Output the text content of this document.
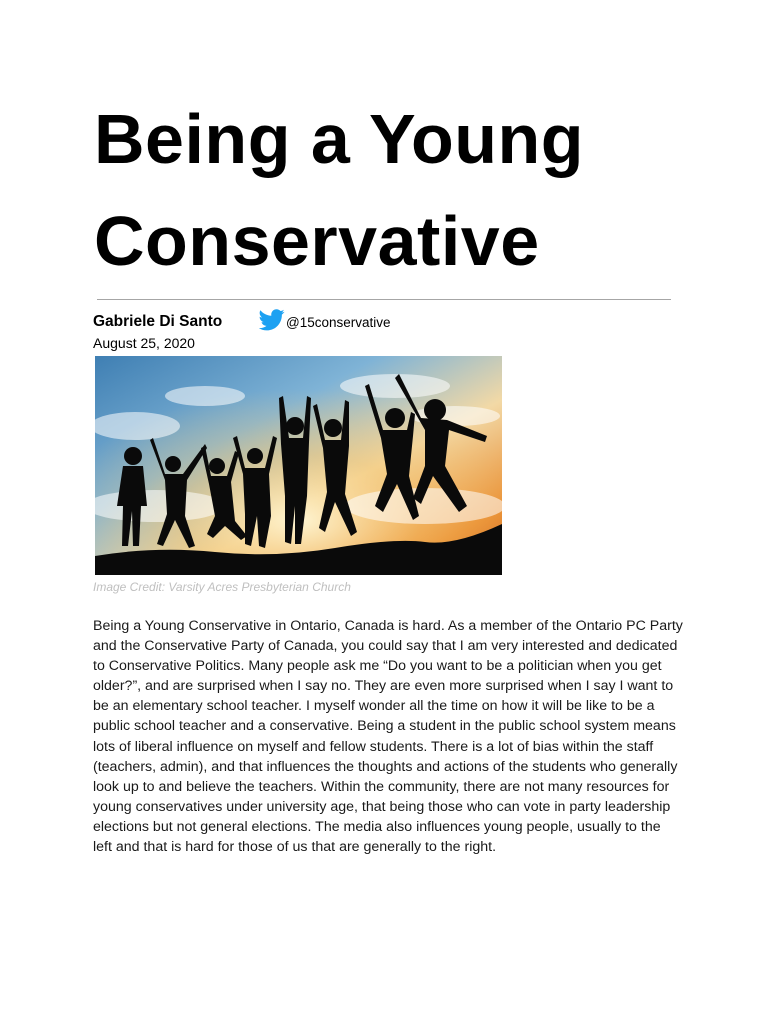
Being a Young
Conservative
Gabriele Di Santo	@15conservative
August 25, 2020
Image Credit: Varsity Acres Presbyterian Church

Being a Young Conservative in Ontario, Canada is hard. As a member of the Ontario PC Party and the Conservative Party of Canada, you could say that I am very interested and dedicated to Conservative Politics. Many people ask me “Do you want to be a politician when you get older?”, and are surprised when I say no. They are even more surprised when I say I want to be an elementary school teacher. I myself wonder all the time on how it will be like to be a public school teacher and a conservative. Being a student in the public school system means lots of liberal influence on myself and fellow students. There is a lot of bias within the staff (teachers, admin), and that influences the thoughts and actions of the students who generally look up to and believe the teachers. Within the community, there are not many resources for young conservatives under university age, that being those who can vote in party leadership elections but not general elections. The media also influences young people, usually to the left and that is hard for those of us that are generally to the right.
